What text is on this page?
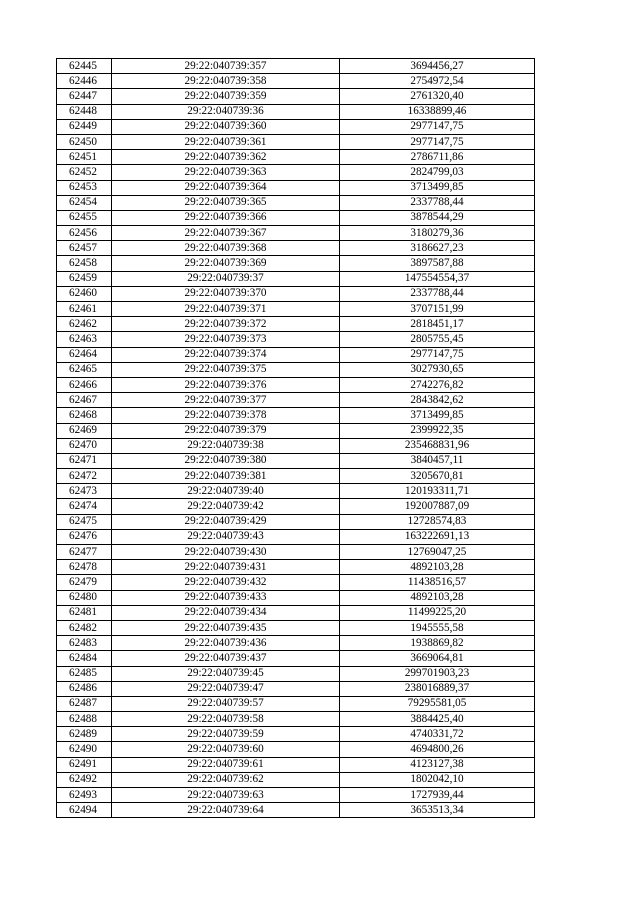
62445	29:22:040739:357	3694456,27
62446	29:22:040739:358	2754972,54
62447	29:22:040739:359	2761320,40
62448	29:22:040739:36	16338899,46
62449	29:22:040739:360	2977147,75
62450	29:22:040739:361	2977147,75
62451	29:22:040739:362	2786711,86
62452	29:22:040739:363	2824799,03
62453	29:22:040739:364	3713499,85
62454	29:22:040739:365	2337788,44
62455	29:22:040739:366	3878544,29
62456	29:22:040739:367	3180279,36
62457	29:22:040739:368	3186627,23
62458	29:22:040739:369	3897587,88
62459	29:22:040739:37	147554554,37
62460	29:22:040739:370	2337788,44
62461	29:22:040739:371	3707151,99
62462	29:22:040739:372	2818451,17
62463	29:22:040739:373	2805755,45
62464	29:22:040739:374	2977147,75
62465	29:22:040739:375	3027930,65
62466	29:22:040739:376	2742276,82
62467	29:22:040739:377	2843842,62
62468	29:22:040739:378	3713499,85
62469	29:22:040739:379	2399922,35
62470	29:22:040739:38	235468831,96
62471	29:22:040739:380	3840457,11
62472	29:22:040739:381	3205670,81
62473	29:22:040739:40	120193311,71
62474	29:22:040739:42	192007887,09
62475	29:22:040739:429	12728574,83
62476	29:22:040739:43	163222691,13
62477	29:22:040739:430	12769047,25
62478	29:22:040739:431	4892103,28
62479	29:22:040739:432	11438516,57
62480	29:22:040739:433	4892103,28
62481	29:22:040739:434	11499225,20
62482	29:22:040739:435	1945555,58
62483	29:22:040739:436	1938869,82
62484	29:22:040739:437	3669064,81
62485	29:22:040739:45	299701903,23
62486	29:22:040739:47	238016889,37
62487	29:22:040739:57	79295581,05
62488	29:22:040739:58	3884425,40
62489	29:22:040739:59	4740331,72
62490	29:22:040739:60	4694800,26
62491	29:22:040739:61	4123127,38
62492	29:22:040739:62	1802042,10
62493	29:22:040739:63	1727939,44
62494	29:22:040739:64	3653513,34
